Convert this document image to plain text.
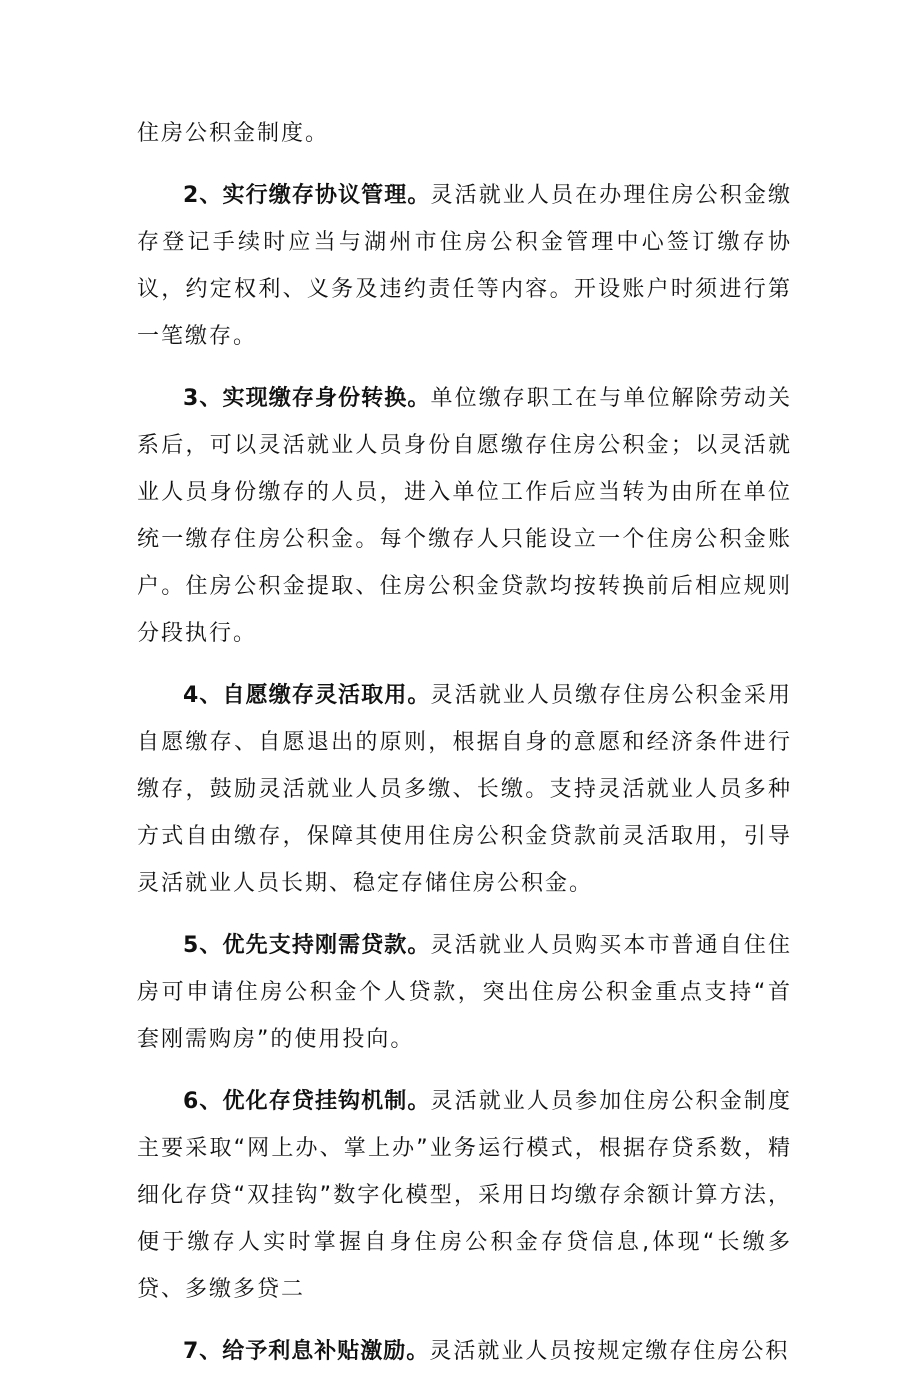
住房公积金制度。

2、实行缴存协议管理。灵活就业人员在办理住房公积金缴存登记手续时应当与湖州市住房公积金管理中心签订缴存协议，约定权利、义务及违约责任等内容。开设账户时须进行第一笔缴存。

3、实现缴存身份转换。单位缴存职工在与单位解除劳动关系后，可以灵活就业人员身份自愿缴存住房公积金；以灵活就业人员身份缴存的人员，进入单位工作后应当转为由所在单位统一缴存住房公积金。每个缴存人只能设立一个住房公积金账户。住房公积金提取、住房公积金贷款均按转换前后相应规则分段执行。

4、自愿缴存灵活取用。灵活就业人员缴存住房公积金采用自愿缴存、自愿退出的原则，根据自身的意愿和经济条件进行缴存，鼓励灵活就业人员多缴、长缴。支持灵活就业人员多种方式自由缴存，保障其使用住房公积金贷款前灵活取用，引导灵活就业人员长期、稳定存储住房公积金。

5、优先支持刚需贷款。灵活就业人员购买本市普通自住住房可申请住房公积金个人贷款，突出住房公积金重点支持“首套刚需购房”的使用投向。

6、优化存贷挂钩机制。灵活就业人员参加住房公积金制度主要采取“网上办、掌上办”业务运行模式，根据存贷系数，精细化存贷“双挂钩”数字化模型，采用日均缴存余额计算方法，便于缴存人实时掌握自身住房公积金存贷信息,体现“长缴多贷、多缴多贷二

7、给予利息补贴激励。灵活就业人员按规定缴存住房公积
